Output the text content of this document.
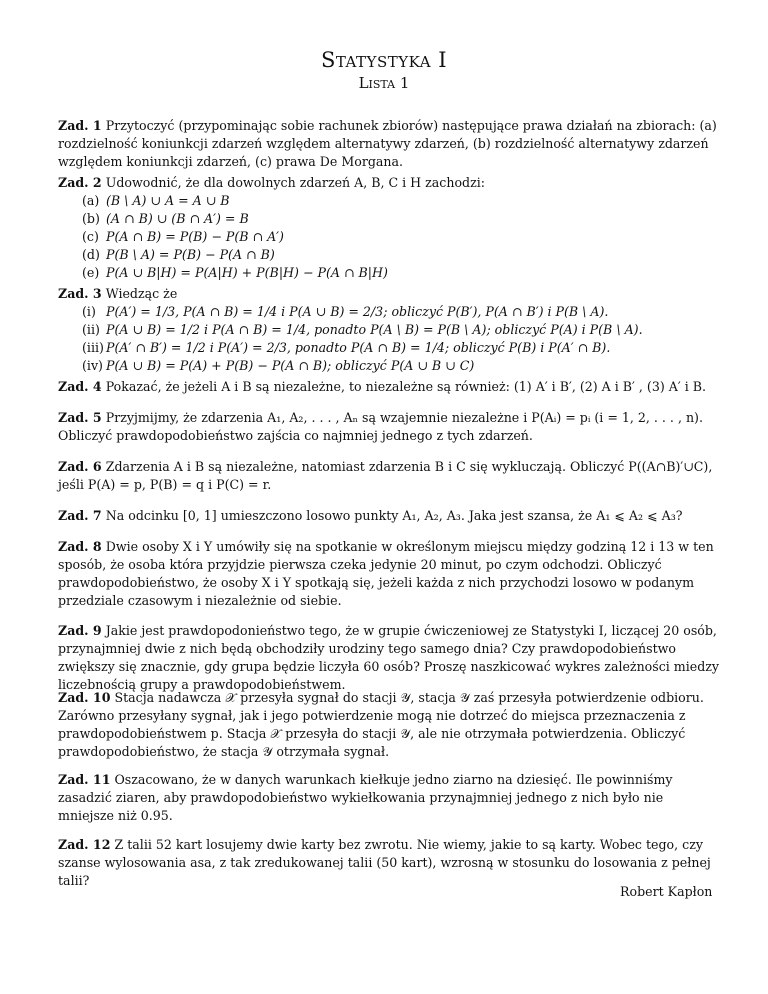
Statystyka I
Lista 1
Zad. 1 Przytoczyć (przypominając sobie rachunek zbiorów) następujące prawa działań na zbiorach: (a) rozdzielność koniunkcji zdarzeń względem alternatywy zdarzeń, (b) rozdzielność alternatywy zdarzeń względem koniunkcji zdarzeń, (c) prawa De Morgana.
Zad. 2 Udowodnić, że dla dowolnych zdarzeń A, B, C i H zachodzi:
(a) (B \ A) ∪ A = A ∪ B
(b) (A ∩ B) ∪ (B ∩ A′) = B
(c) P(A ∩ B) = P(B) − P(B ∩ A′)
(d) P(B \ A) = P(B) − P(A ∩ B)
(e) P(A ∪ B|H) = P(A|H) + P(B|H) − P(A ∩ B|H)
Zad. 3 Wiedząc że
(i) P(A′) = 1/3, P(A ∩ B) = 1/4 i P(A ∪ B) = 2/3; obliczyć P(B′), P(A ∩ B′) i P(B \ A).
(ii) P(A ∪ B) = 1/2 i P(A ∩ B) = 1/4, ponadto P(A \ B) = P(B \ A); obliczyć P(A) i P(B \ A).
(iii) P(A′ ∩ B′) = 1/2 i P(A′) = 2/3, ponadto P(A ∩ B) = 1/4; obliczyć P(B) i P(A′ ∩ B).
(iv) P(A ∪ B) = P(A) + P(B) − P(A ∩ B); obliczyć P(A ∪ B ∪ C)
Zad. 4 Pokazać, że jeżeli A i B są niezależne, to niezależne są również: (1) A′ i B′, (2) A i B′ , (3) A′ i B.
Zad. 5 Przyjmijmy, że zdarzenia A₁, A₂, . . . , Aₙ są wzajemnie niezależne i P(Aᵢ) = pᵢ (i = 1, 2, . . . , n). Obliczyć prawdopodobieństwo zajścia co najmniej jednego z tych zdarzeń.
Zad. 6 Zdarzenia A i B są niezależne, natomiast zdarzenia B i C się wykluczają. Obliczyć P((A∩B)′∪C), jeśli P(A) = p, P(B) = q i P(C) = r.
Zad. 7 Na odcinku [0, 1] umieszczono losowo punkty A₁, A₂, A₃. Jaka jest szansa, że A₁ ⩽ A₂ ⩽ A₃?
Zad. 8 Dwie osoby X i Y umówiły się na spotkanie w określonym miejscu między godziną 12 i 13 w ten sposób, że osoba która przyjdzie pierwsza czeka jedynie 20 minut, po czym odchodzi. Obliczyć prawdopodobieństwo, że osoby X i Y spotkają się, jeżeli każda z nich przychodzi losowo w podanym przedziale czasowym i niezależnie od siebie.
Zad. 9 Jakie jest prawdopodonieństwo tego, że w grupie ćwiczeniowej ze Statystyki I, liczącej 20 osób, przynajmniej dwie z nich będą obchodziły urodziny tego samego dnia? Czy prawdopodobieństwo zwiększy się znacznie, gdy grupa będzie liczyła 60 osób? Proszę naszkicować wykres zależności miedzy liczebnością grupy a prawdopodobieństwem.
Zad. 10 Stacja nadawcza 𝒳 przesyła sygnał do stacji 𝒴, stacja 𝒴 zaś przesyła potwierdzenie odbioru. Zarówno przesyłany sygnał, jak i jego potwierdzenie mogą nie dotrzeć do miejsca przeznaczenia z prawdopodobieństwem p. Stacja 𝒳 przesyła do stacji 𝒴, ale nie otrzymała potwierdzenia. Obliczyć prawdopodobieństwo, że stacja 𝒴 otrzymała sygnał.
Zad. 11 Oszacowano, że w danych warunkach kiełkuje jedno ziarno na dziesięć. Ile powinniśmy zasadzić ziaren, aby prawdopodobieństwo wykiełkowania przynajmniej jednego z nich było nie mniejsze niż 0.95.
Zad. 12 Z talii 52 kart losujemy dwie karty bez zwrotu. Nie wiemy, jakie to są karty. Wobec tego, czy szanse wylosowania asa, z tak zredukowanej talii (50 kart), wzrosną w stosunku do losowania z pełnej talii?
Robert Kapłon
